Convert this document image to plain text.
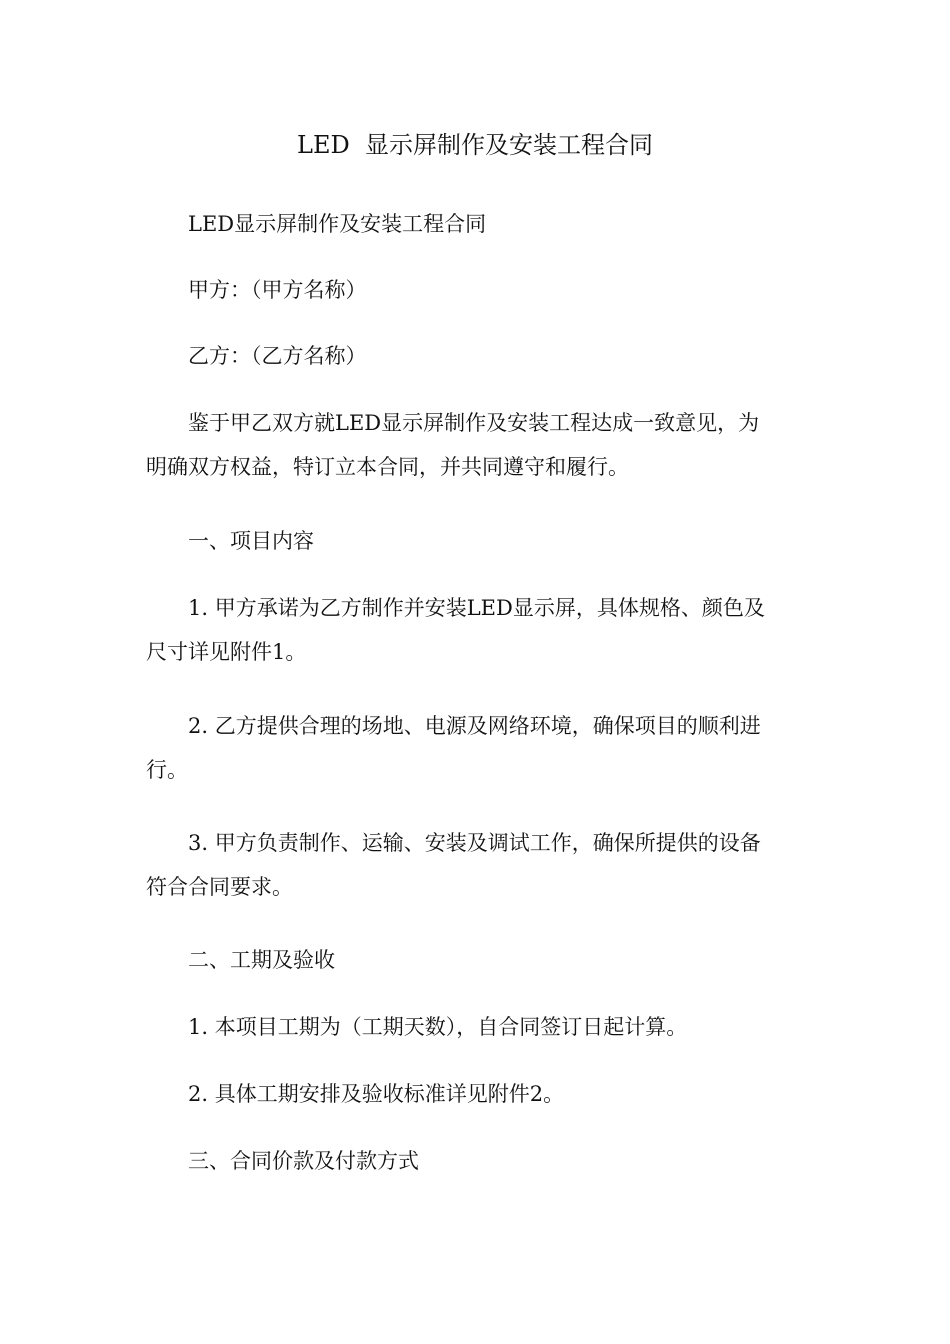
LED  显示屏制作及安装工程合同
LED显示屏制作及安装工程合同
甲方：（甲方名称）
乙方：（乙方名称）
鉴于甲乙双方就LED显示屏制作及安装工程达成一致意见，为
明确双方权益，特订立本合同，并共同遵守和履行。
一、项目内容
1. 甲方承诺为乙方制作并安装LED显示屏，具体规格、颜色及
尺寸详见附件1。
2. 乙方提供合理的场地、电源及网络环境，确保项目的顺利进
行。
3. 甲方负责制作、运输、安装及调试工作，确保所提供的设备
符合合同要求。
二、工期及验收
1. 本项目工期为（工期天数），自合同签订日起计算。
2. 具体工期安排及验收标准详见附件2。
三、合同价款及付款方式
